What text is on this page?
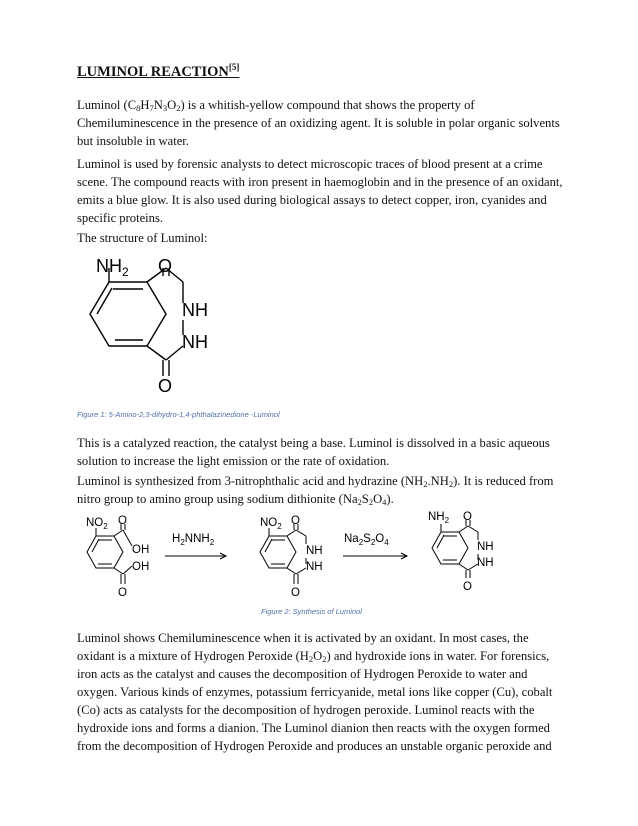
LUMINOL REACTION[5]

Luminol $(C_8H_7N_3O_2)$ is a whitish-yellow compound that shows the property of Chemiluminescence in the presence of an oxidizing agent. It is soluble in polar organic solvents but insoluble in water.

Luminol is used by forensic analysts to detect microscopic traces of blood present at a crime scene. The compound reacts with iron present in haemoglobin and in the presence of an oxidant, emits a blue glow. It is also used during biological assays to detect copper, iron, cyanides and specific proteins.

The structure of Luminol:

$NH_2$ O
NH
NH
O

Figure 1: 5-Amino-2,3-dihydro-1,4-phthalazinedione -Luminol

This is a catalyzed reaction, the catalyst being a base. Luminol is dissolved in a basic aqueous solution to increase the light emission or the rate of oxidation.

Luminol is synthesized from 3-nitrophthalic acid and hydrazine $(NH_2.NH_2)$. It is reduced from nitro group to amino group using sodium dithionite $(Na_2S_2O_4)$.

$NO_2$ O
OH
OH
O
$H_2NNH_2$
$NO_2$ O
NH
NH
O
$Na_2S_2O_4$
$NH_2$ O
NH
NH
O

Figure 2: Synthesis of Luminol

Luminol shows Chemiluminescence when it is activated by an oxidant. In most cases, the oxidant is a mixture of Hydrogen Peroxide $(H_2O_2)$ and hydroxide ions in water. For forensics, iron acts as the catalyst and causes the decomposition of Hydrogen Peroxide to water and oxygen. Various kinds of enzymes, potassium ferricyanide, metal ions like copper (Cu), cobalt (Co) acts as catalysts for the decomposition of hydrogen peroxide. Luminol reacts with the hydroxide ions and forms a dianion. The Luminol dianion then reacts with the oxygen formed from the decomposition of Hydrogen Peroxide and produces an unstable organic peroxide and
